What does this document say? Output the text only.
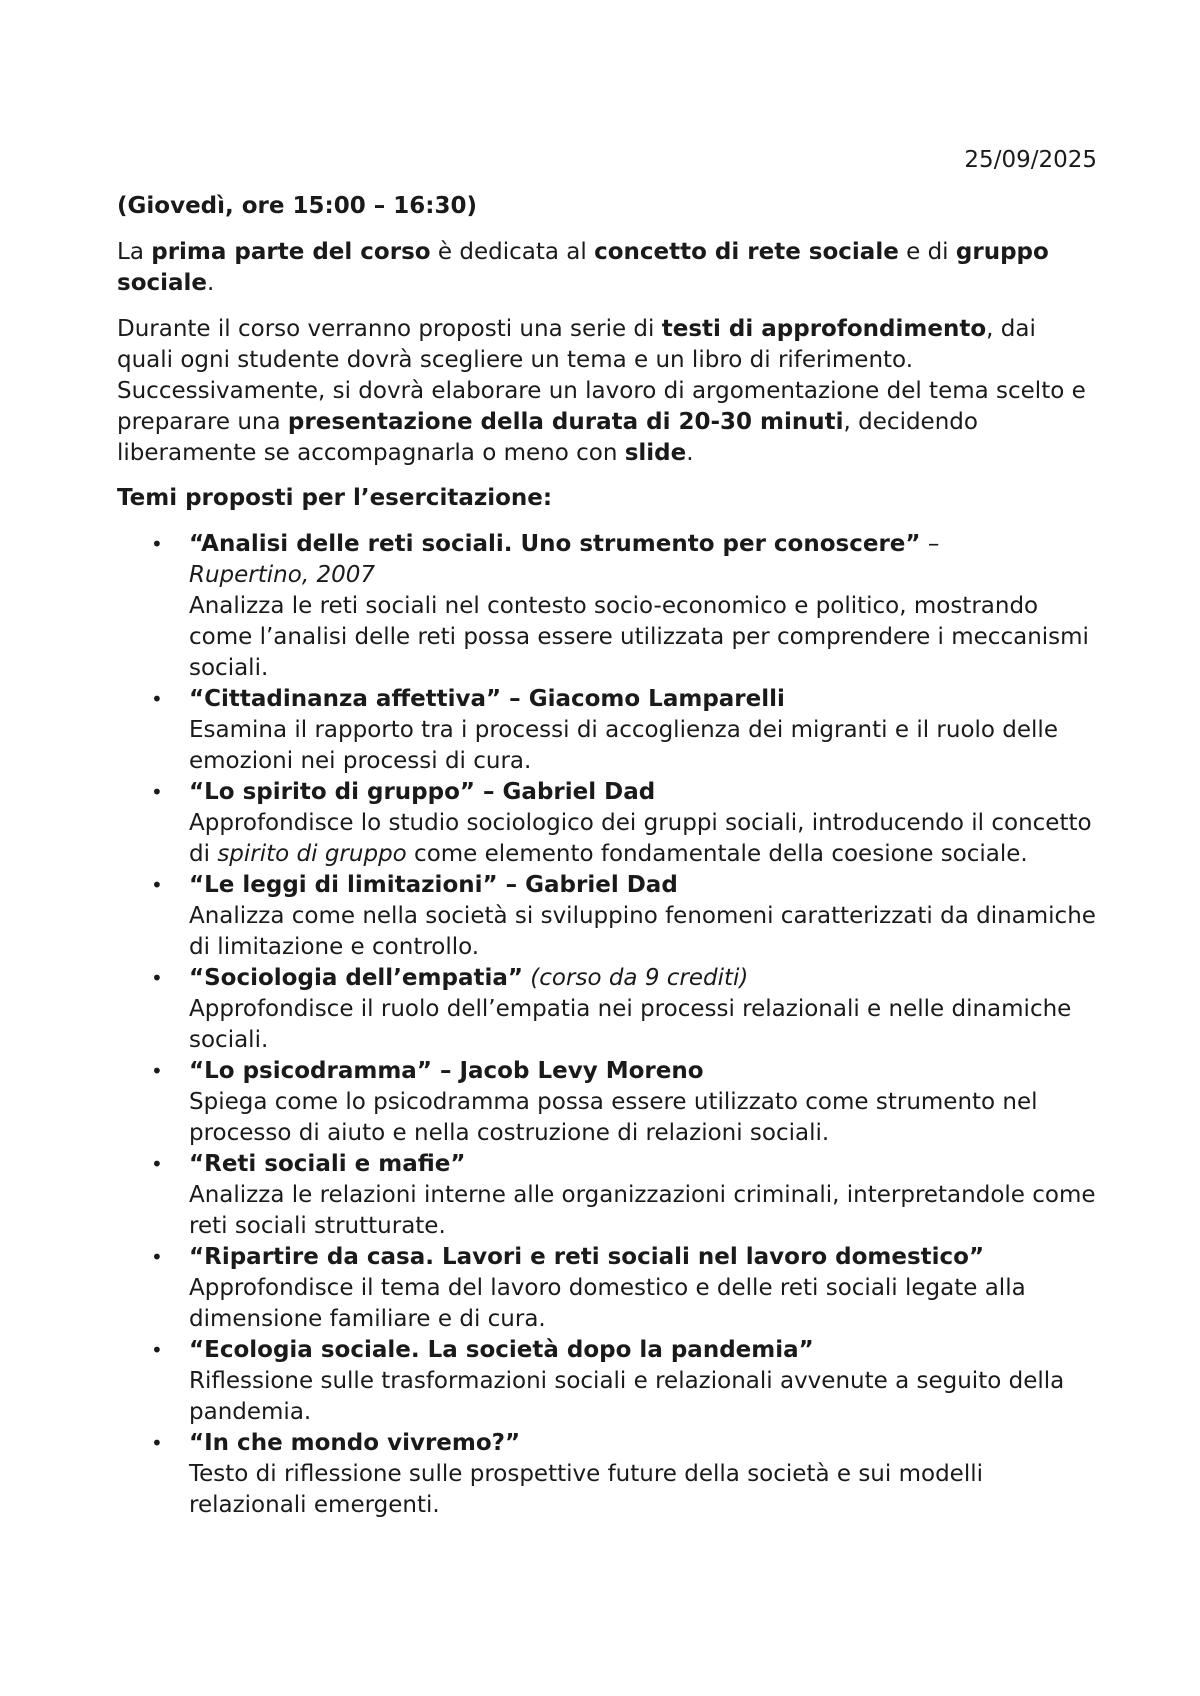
25/09/2025
(Giovedì, ore 15:00 – 16:30)

La prima parte del corso è dedicata al concetto di rete sociale e di gruppo sociale.

Durante il corso verranno proposti una serie di testi di approfondimento, dai quali ogni studente dovrà scegliere un tema e un libro di riferimento. Successivamente, si dovrà elaborare un lavoro di argomentazione del tema scelto e preparare una presentazione della durata di 20-30 minuti, decidendo liberamente se accompagnarla o meno con slide.

Temi proposti per l’esercitazione:
• “Analisi delle reti sociali. Uno strumento per conoscere” –
Rupertino, 2007
Analizza le reti sociali nel contesto socio-economico e politico, mostrando come l’analisi delle reti possa essere utilizzata per comprendere i meccanismi sociali.
• “Cittadinanza affettiva” – Giacomo Lamparelli
Esamina il rapporto tra i processi di accoglienza dei migranti e il ruolo delle emozioni nei processi di cura.
• “Lo spirito di gruppo” – Gabriel Dad
Approfondisce lo studio sociologico dei gruppi sociali, introducendo il concetto di spirito di gruppo come elemento fondamentale della coesione sociale.
• “Le leggi di limitazioni” – Gabriel Dad
Analizza come nella società si sviluppino fenomeni caratterizzati da dinamiche di limitazione e controllo.
• “Sociologia dell’empatia” (corso da 9 crediti)
Approfondisce il ruolo dell’empatia nei processi relazionali e nelle dinamiche sociali.
• “Lo psicodramma” – Jacob Levy Moreno
Spiega come lo psicodramma possa essere utilizzato come strumento nel processo di aiuto e nella costruzione di relazioni sociali.
• “Reti sociali e mafie”
Analizza le relazioni interne alle organizzazioni criminali, interpretandole come reti sociali strutturate.
• “Ripartire da casa. Lavori e reti sociali nel lavoro domestico”
Approfondisce il tema del lavoro domestico e delle reti sociali legate alla dimensione familiare e di cura.
• “Ecologia sociale. La società dopo la pandemia”
Riflessione sulle trasformazioni sociali e relazionali avvenute a seguito della pandemia.
• “In che mondo vivremo?”
Testo di riflessione sulle prospettive future della società e sui modelli relazionali emergenti.
